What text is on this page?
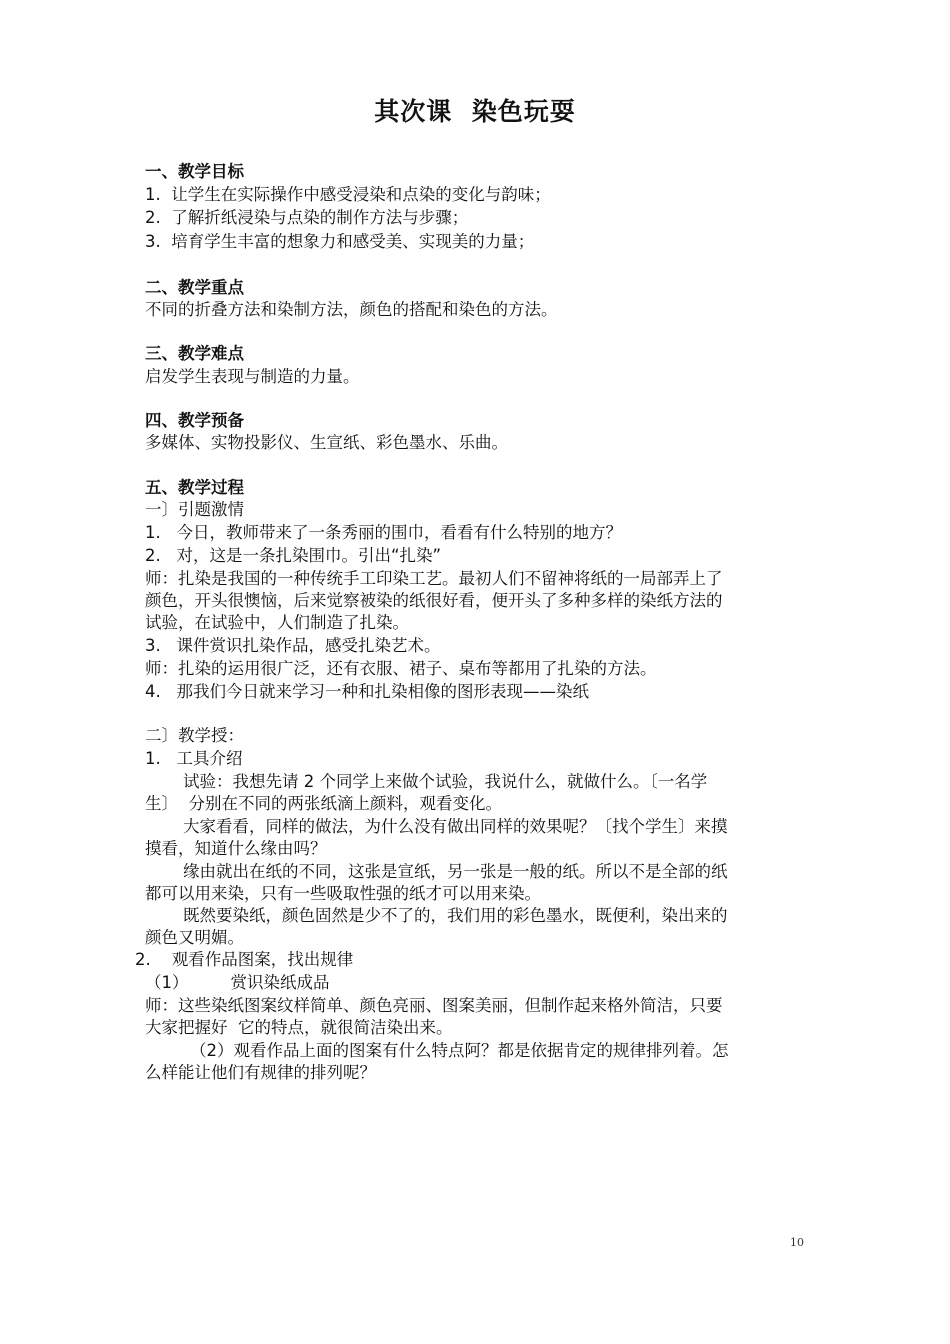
其次课  染色玩耍
一、教学目标
1.  让学生在实际操作中感受浸染和点染的变化与韵味；
2.  了解折纸浸染与点染的制作方法与步骤；
3.  培育学生丰富的想象力和感受美、实现美的力量；
二、教学重点
不同的折叠方法和染制方法，颜色的搭配和染色的方法。
三、教学难点
启发学生表现与制造的力量。
四、教学预备
多媒体、实物投影仪、生宣纸、彩色墨水、乐曲。
五、教学过程
一〕引题激情
1.   今日，教师带来了一条秀丽的围巾，看看有什么特别的地方？
2.   对，这是一条扎染围巾。引出“扎染”
师：扎染是我国的一种传统手工印染工艺。最初人们不留神将纸的一局部弄上了
颜色，开头很懊恼，后来觉察被染的纸很好看，便开头了多种多样的染纸方法的
试验，在试验中，人们制造了扎染。
3.   课件赏识扎染作品，感受扎染艺术。
师：扎染的运用很广泛，还有衣服、裙子、桌布等都用了扎染的方法。
4.   那我们今日就来学习一种和扎染相像的图形表现——染纸
二〕教学授：
1.   工具介绍
试验：我想先请 2 个同学上来做个试验，我说什么，就做什么。〔一名学
生〕  分别在不同的两张纸滴上颜料，观看变化。
大家看看，同样的做法，为什么没有做出同样的效果呢？〔找个学生〕来摸
摸看，知道什么缘由吗？
缘由就出在纸的不同，这张是宣纸，另一张是一般的纸。所以不是全部的纸
都可以用来染，只有一些吸取性强的纸才可以用来染。
既然要染纸，颜色固然是少不了的，我们用的彩色墨水，既便利，染出来的
颜色又明媚。
2.    观看作品图案，找出规律
（1）        赏识染纸成品
师：这些染纸图案纹样简单、颜色亮丽、图案美丽，但制作起来格外简洁，只要
大家把握好  它的特点，就很简洁染出来。
（2）观看作品上面的图案有什么特点阿？都是依据肯定的规律排列着。怎
么样能让他们有规律的排列呢？
10
